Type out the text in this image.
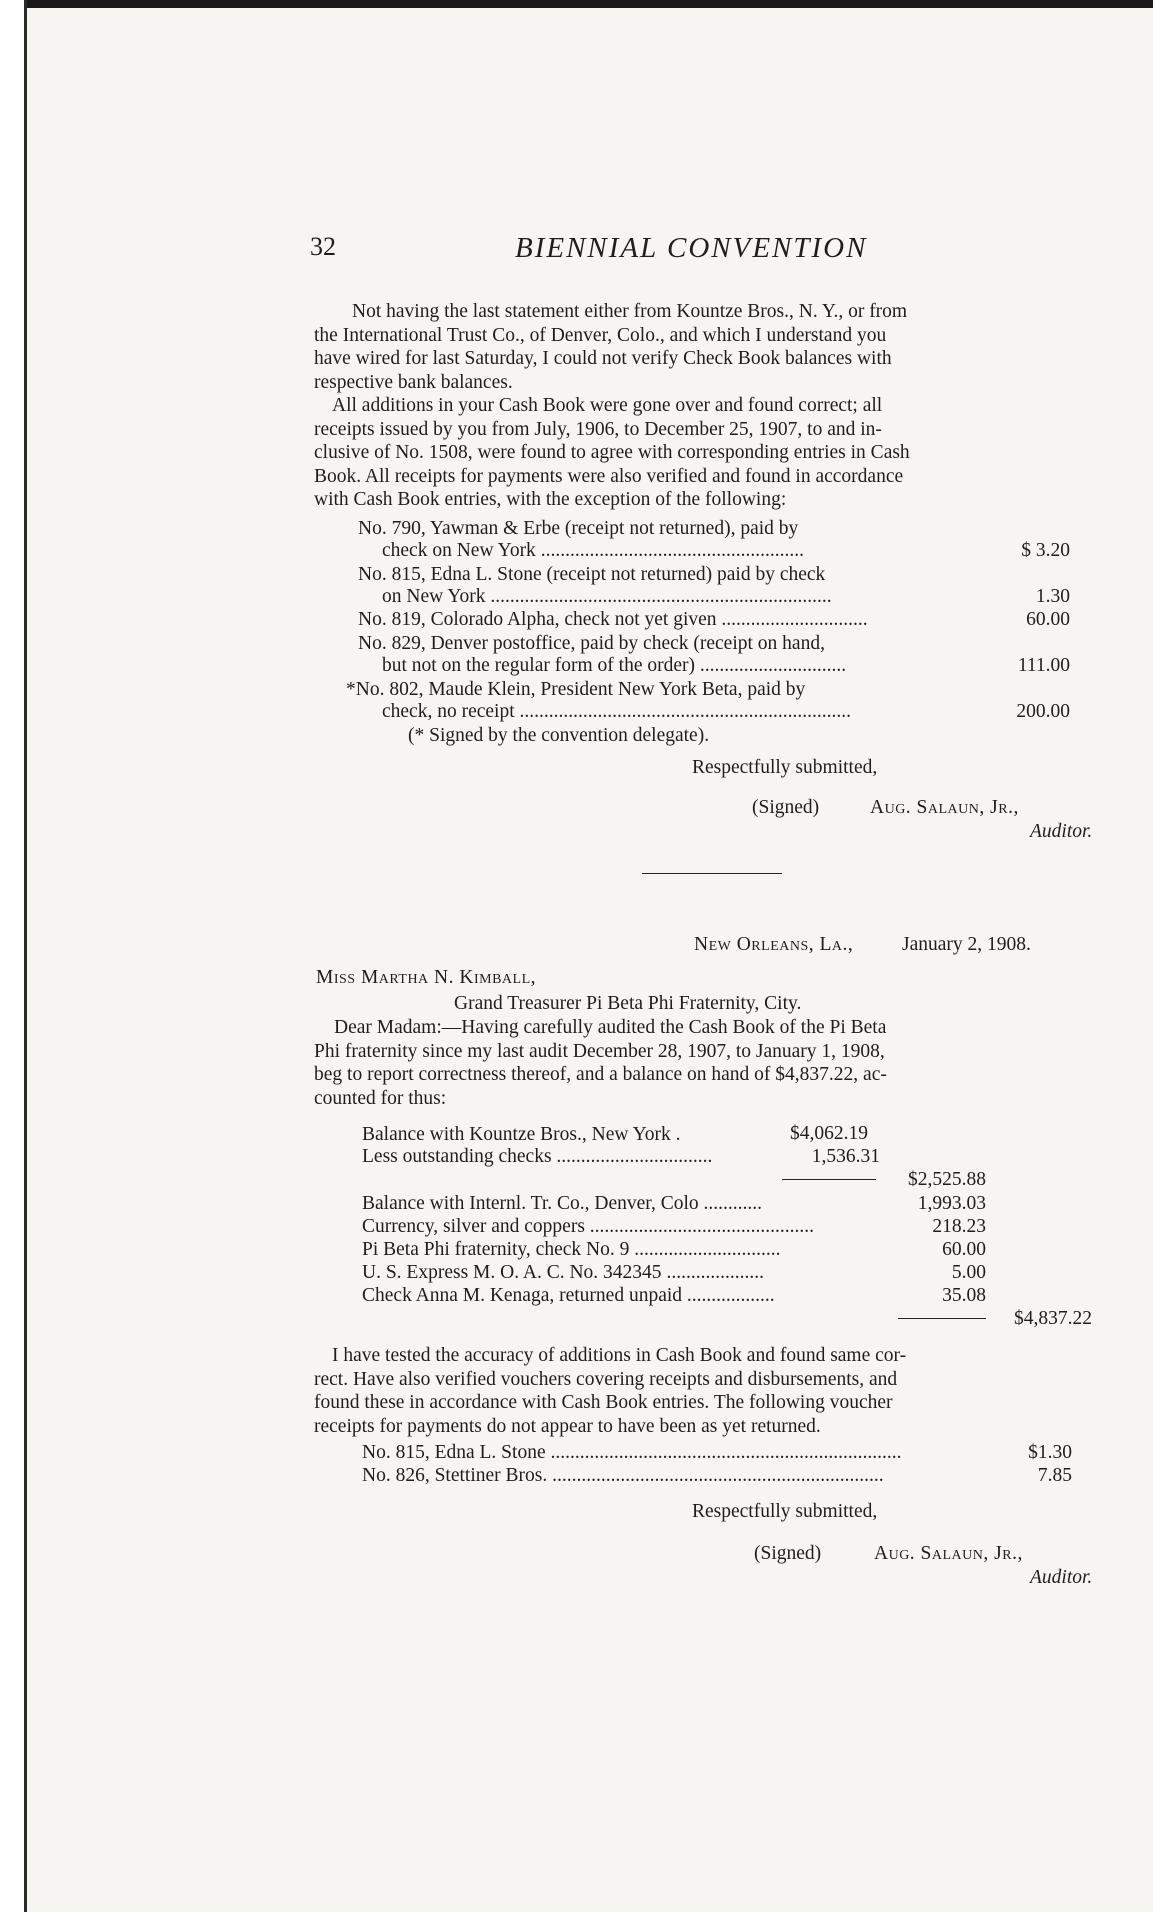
32	BIENNIAL CONVENTION
Not having the last statement either from Kountze Bros., N. Y., or from
the International Trust Co., of Denver, Colo., and which I understand you
have wired for last Saturday, I could not verify Check Book balances with
respective bank balances.
All additions in your Cash Book were gone over and found correct; all
receipts issued by you from July, 1906, to December 25, 1907, to and in-
clusive of No. 1508, were found to agree with corresponding entries in Cash
Book. All receipts for payments were also verified and found in accordance
with Cash Book entries, with the exception of the following:
No. 790, Yawman & Erbe (receipt not returned), paid by
check on New York ......................................................	$ 3.20
No. 815, Edna L. Stone (receipt not returned) paid by check
on New York ......................................................................	1.30
No. 819, Colorado Alpha, check not yet given ..............................	60.00
No. 829, Denver postoffice, paid by check (receipt on hand,
but not on the regular form of the order) ..............................	111.00
*No. 802, Maude Klein, President New York Beta, paid by
check, no receipt ....................................................................	200.00
(* Signed by the convention delegate).
Respectfully submitted,
(Signed)	Aug. Salaun, Jr.,
Auditor.
New Orleans, La., January 2, 1908.
Miss Martha N. Kimball,
Grand Treasurer Pi Beta Phi Fraternity, City.
Dear Madam:—Having carefully audited the Cash Book of the Pi Beta
Phi fraternity since my last audit December 28, 1907, to January 1, 1908,
beg to report correctness thereof, and a balance on hand of $4,837.22, ac-
counted for thus:
Balance with Kountze Bros., New York .	$4,062.19
Less outstanding checks ................................	1,536.31
$2,525.88
Balance with Internl. Tr. Co., Denver, Colo ............	1,993.03
Currency, silver and coppers ..............................................	218.23
Pi Beta Phi fraternity, check No. 9 ..............................	60.00
U. S. Express M. O. A. C. No. 342345 ....................	5.00
Check Anna M. Kenaga, returned unpaid ..................	35.08
$4,837.22
I have tested the accuracy of additions in Cash Book and found same cor-
rect. Have also verified vouchers covering receipts and disbursements, and
found these in accordance with Cash Book entries. The following voucher
receipts for payments do not appear to have been as yet returned.
No. 815, Edna L. Stone ........................................................................	$1.30
No. 826, Stettiner Bros. ....................................................................	7.85
Respectfully submitted,
(Signed)	Aug. Salaun, Jr.,
Auditor.
